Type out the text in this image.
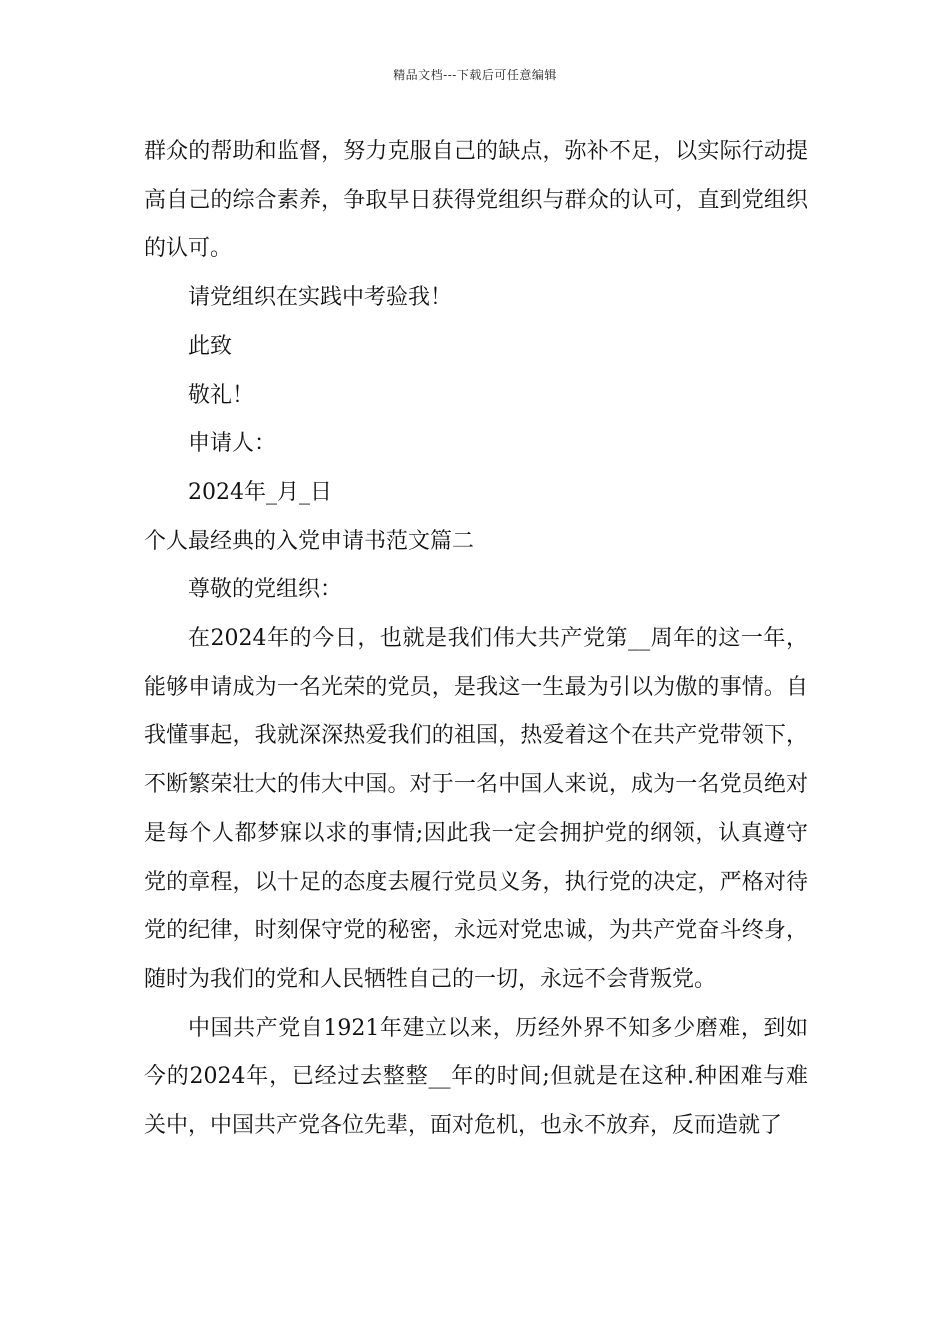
精品文档---下载后可任意编辑

群众的帮助和监督，努力克服自己的缺点，弥补不足，以实际行动提高自己的综合素养，争取早日获得党组织与群众的认可，直到党组织的认可。

请党组织在实践中考验我！

此致

敬礼！

申请人：

2024年_月_日

个人最经典的入党申请书范文篇二

尊敬的党组织：

在2024年的今日，也就是我们伟大共产党第__周年的这一年，能够申请成为一名光荣的党员，是我这一生最为引以为傲的事情。自我懂事起，我就深深热爱我们的祖国，热爱着这个在共产党带领下，不断繁荣壮大的伟大中国。对于一名中国人来说，成为一名党员绝对是每个人都梦寐以求的事情;因此我一定会拥护党的纲领，认真遵守党的章程，以十足的态度去履行党员义务，执行党的决定，严格对待党的纪律，时刻保守党的秘密，永远对党忠诚，为共产党奋斗终身，随时为我们的党和人民牺牲自己的一切，永远不会背叛党。

中国共产党自1921年建立以来，历经外界不知多少磨难，到如今的2024年，已经过去整整__年的时间;但就是在这种.种困难与难关中，中国共产党各位先辈，面对危机，也永不放弃，反而造就了
